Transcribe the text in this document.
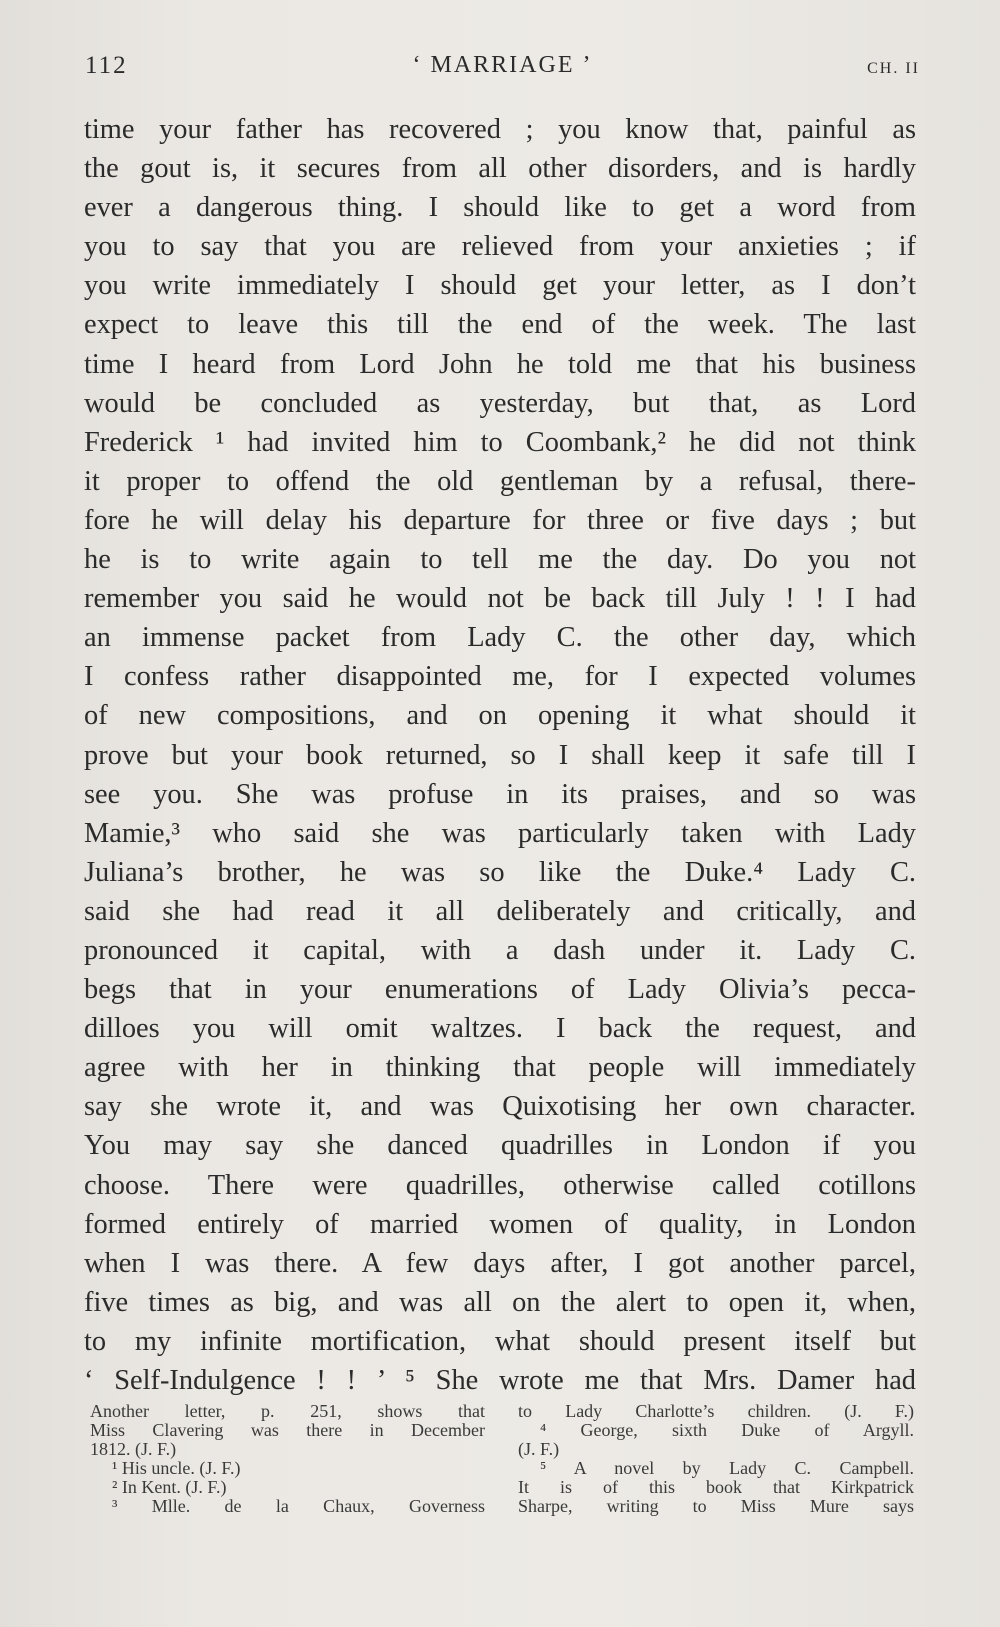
112	‘ MARRIAGE ’	CH. II
time your father has recovered ; you know that, painful as
the gout is, it secures from all other disorders, and is hardly
ever a dangerous thing. I should like to get a word from
you to say that you are relieved from your anxieties ; if
you write immediately I should get your letter, as I don’t
expect to leave this till the end of the week. The last
time I heard from Lord John he told me that his business
would be concluded as yesterday, but that, as Lord
Frederick ¹ had invited him to Coombank,² he did not think
it proper to offend the old gentleman by a refusal, there-
fore he will delay his departure for three or five days ; but
he is to write again to tell me the day. Do you not
remember you said he would not be back till July ! ! I had
an immense packet from Lady C. the other day, which
I confess rather disappointed me, for I expected volumes
of new compositions, and on opening it what should it
prove but your book returned, so I shall keep it safe till I
see you. She was profuse in its praises, and so was
Mamie,³ who said she was particularly taken with Lady
Juliana’s brother, he was so like the Duke.⁴ Lady C.
said she had read it all deliberately and critically, and
pronounced it capital, with a dash under it. Lady C.
begs that in your enumerations of Lady Olivia’s pecca-
dilloes you will omit waltzes. I back the request, and
agree with her in thinking that people will immediately
say she wrote it, and was Quixotising her own character.
You may say she danced quadrilles in London if you
choose. There were quadrilles, otherwise called cotillons
formed entirely of married women of quality, in London
when I was there. A few days after, I got another parcel,
five times as big, and was all on the alert to open it, when,
to my infinite mortification, what should present itself but
‘ Self-Indulgence ! ! ’ ⁵ She wrote me that Mrs. Damer had
Another letter, p. 251, shows that
Miss Clavering was there in December
1812. (J. F.)
¹ His uncle. (J. F.)
² In Kent. (J. F.)
³ Mlle. de la Chaux, Governess
to Lady Charlotte’s children. (J. F.)
⁴ George, sixth Duke of Argyll.
(J. F.)
⁵ A novel by Lady C. Campbell.
It is of this book that Kirkpatrick
Sharpe, writing to Miss Mure says
